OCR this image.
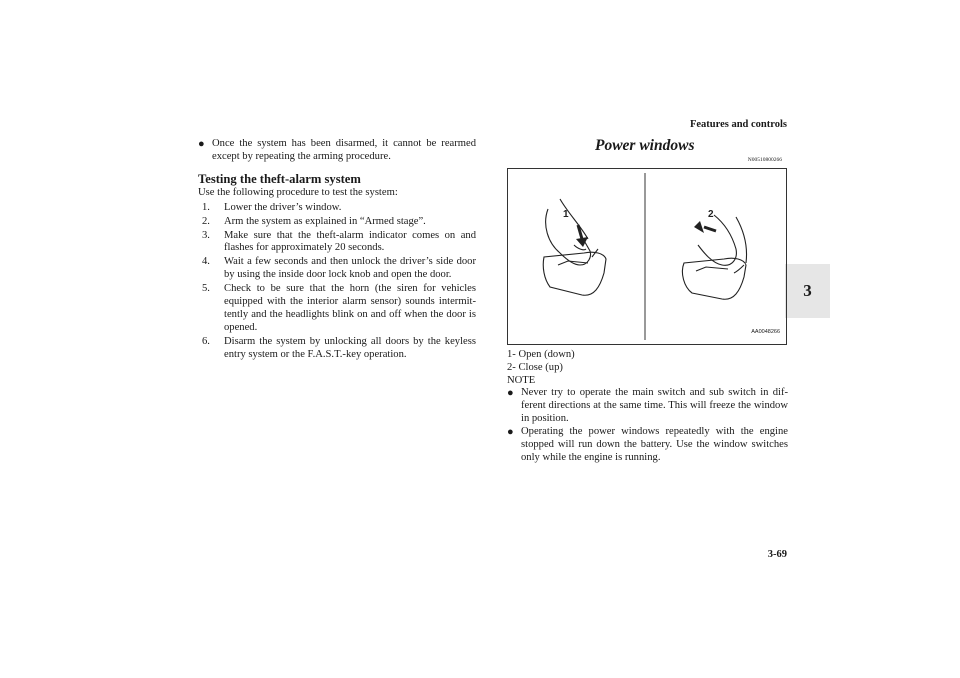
Features and controls
3
3-69
● Once the system has been disarmed, it cannot be rearmed except by repeating the arming procedure.
Testing the theft-alarm system
Use the following procedure to test the system:
1.	Lower the driver’s window.
2.	Arm the system as explained in “Armed stage”.
3.	Make sure that the theft-alarm indicator comes on and flashes for approximately 20 seconds.
4.	Wait a few seconds and then unlock the driver’s side door by using the inside door lock knob and open the door.
5.	Check to be sure that the horn (the siren for vehicles equipped with the interior alarm sensor) sounds intermit-tently and the headlights blink on and off when the door is opened.
6.	Disarm the system by unlocking all doors by the keyless entry system or the F.A.S.T.-key operation.
Power windows
N00510800266
1	2
AA0048266
1- Open (down)
2- Close (up)
NOTE
● Never try to operate the main switch and sub switch in dif-ferent directions at the same time. This will freeze the window in position.
● Operating the power windows repeatedly with the engine stopped will run down the battery. Use the window switches only while the engine is running.
